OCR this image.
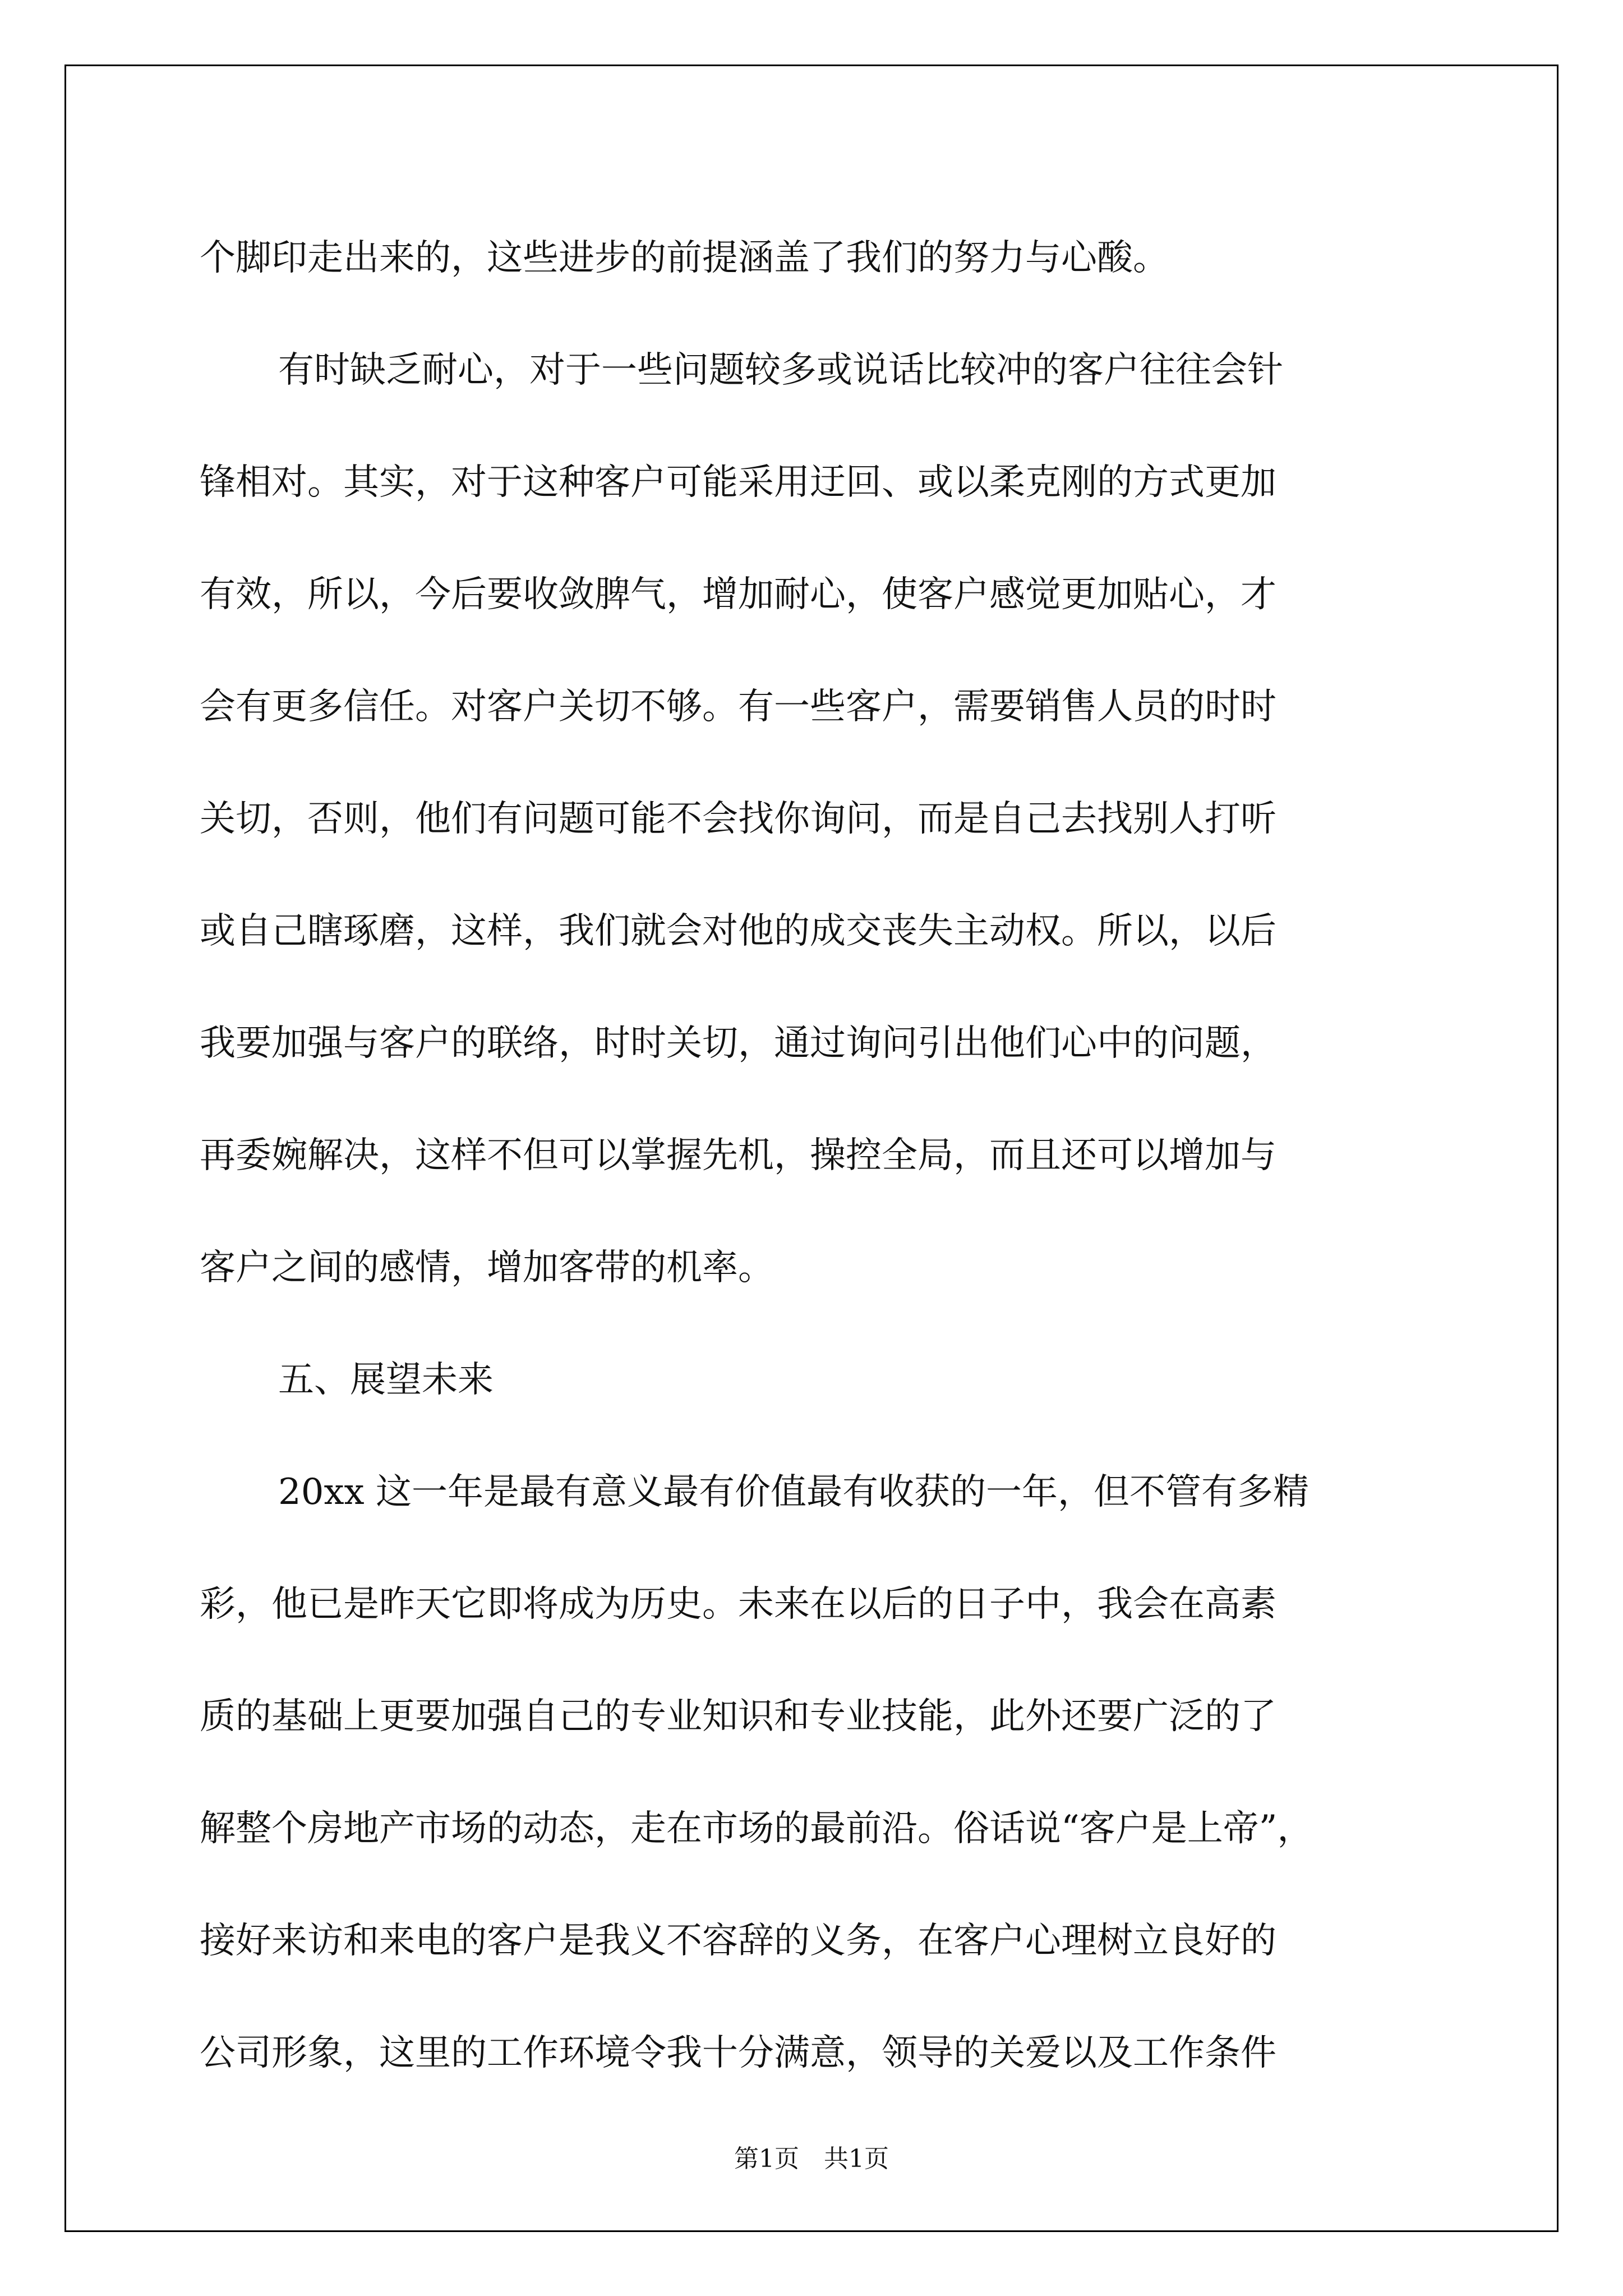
个脚印走出来的，这些进步的前提涵盖了我们的努力与心酸。
有时缺乏耐心，对于一些问题较多或说话比较冲的客户往往会针
锋相对。其实，对于这种客户可能采用迂回、或以柔克刚的方式更加
有效，所以，今后要收敛脾气，增加耐心，使客户感觉更加贴心，才
会有更多信任。对客户关切不够。有一些客户，需要销售人员的时时
关切，否则，他们有问题可能不会找你询问，而是自己去找别人打听
或自己瞎琢磨，这样，我们就会对他的成交丧失主动权。所以，以后
我要加强与客户的联络，时时关切，通过询问引出他们心中的问题，
再委婉解决，这样不但可以掌握先机，操控全局，而且还可以增加与
客户之间的感情，增加客带的机率。
五、展望未来
20xx 这一年是最有意义最有价值最有收获的一年，但不管有多精
彩，他已是昨天它即将成为历史。未来在以后的日子中，我会在高素
质的基础上更要加强自己的专业知识和专业技能，此外还要广泛的了
解整个房地产市场的动态，走在市场的最前沿。俗话说“客户是上帝”，
接好来访和来电的客户是我义不容辞的义务，在客户心理树立良好的
公司形象，这里的工作环境令我十分满意，领导的关爱以及工作条件
第1页　共1页
